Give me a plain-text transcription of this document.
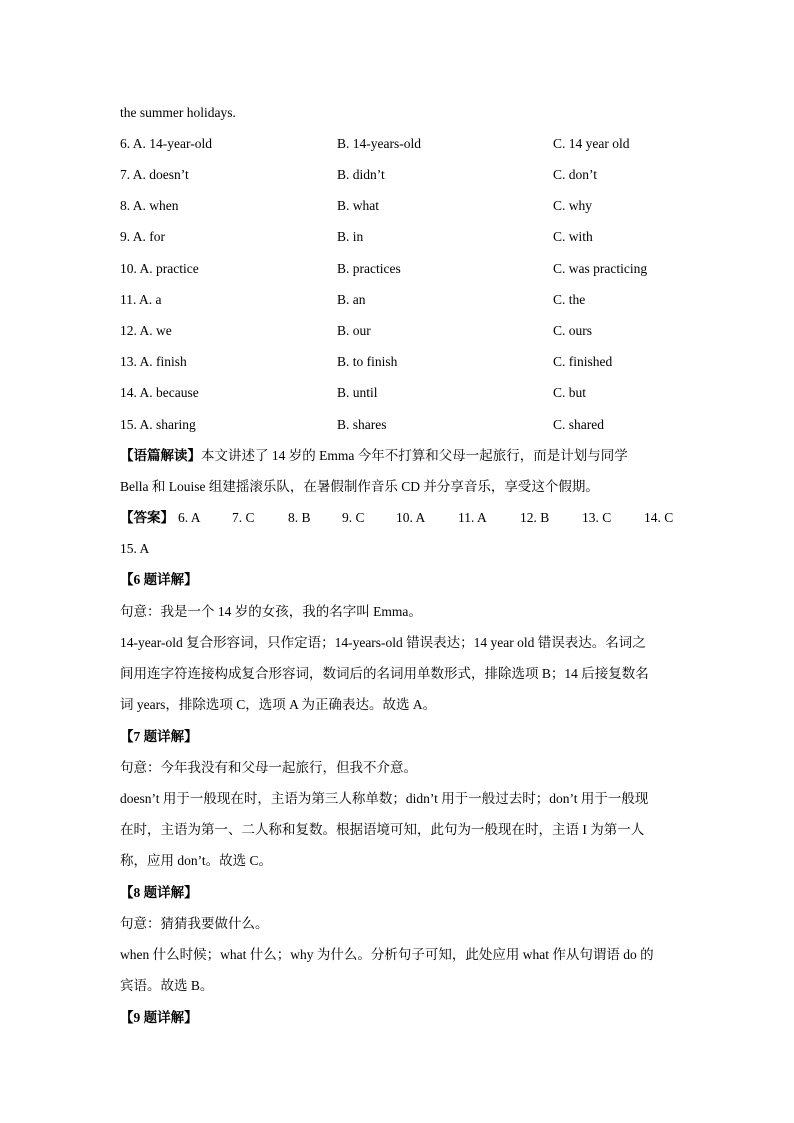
the summer holidays.
6. A. 14-year-old	B. 14-years-old	C. 14 year old
7. A. doesn’t	B. didn’t	C. don’t
8. A. when	B. what	C. why
9. A. for	B. in	C. with
10. A. practice	B. practices	C. was practicing
11. A. a	B. an	C. the
12. A. we	B. our	C. ours
13. A. finish	B. to finish	C. finished
14. A. because	B. until	C. but
15. A. sharing	B. shares	C. shared
【语篇解读】本文讲述了 14 岁的 Emma 今年不打算和父母一起旅行，而是计划与同学
Bella 和 Louise 组建摇滚乐队，在暑假制作音乐 CD 并分享音乐，享受这个假期。
【答案】 6. A 7. C 8. B 9. C 10. A 11. A 12. B 13. C 14. C
15. A
【6 题详解】
句意：我是一个 14 岁的女孩，我的名字叫 Emma。
14-year-old 复合形容词，只作定语；14-years-old 错误表达；14 year old 错误表达。名词之
间用连字符连接构成复合形容词，数词后的名词用单数形式，排除选项 B；14 后接复数名
词 years，排除选项 C，选项 A 为正确表达。故选 A。
【7 题详解】
句意：今年我没有和父母一起旅行，但我不介意。
doesn’t 用于一般现在时，主语为第三人称单数；didn’t 用于一般过去时；don’t 用于一般现
在时，主语为第一、二人称和复数。根据语境可知，此句为一般现在时，主语 I 为第一人
称，应用 don’t。故选 C。
【8 题详解】
句意：猜猜我要做什么。
when 什么时候；what 什么；why 为什么。分析句子可知，此处应用 what 作从句谓语 do 的
宾语。故选 B。
【9 题详解】
